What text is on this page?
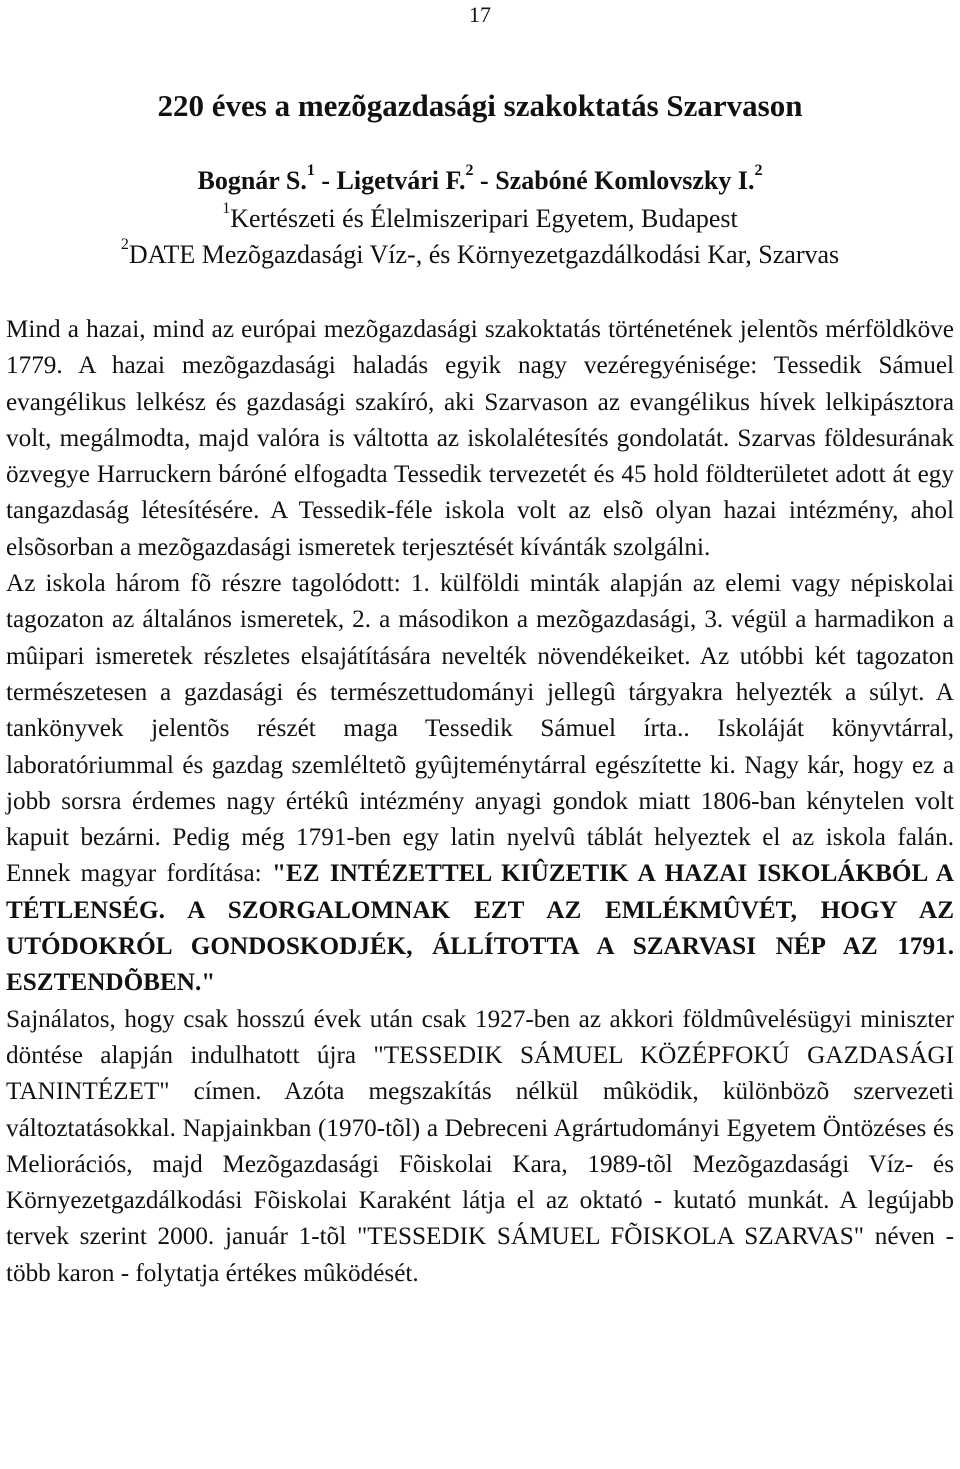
17
220 éves a mezõgazdasági szakoktatás Szarvason
Bognár S.$^1$ - Ligetvári F.$^2$ - Szabóné Komlovszky I.$^2$
$^1$Kertészeti és Élelmiszeripari Egyetem, Budapest
$^2$DATE Mezõgazdasági Víz-, és Környezetgazdálkodási Kar, Szarvas

Mind a hazai, mind az európai mezõgazdasági szakoktatás történetének jelentõs mérföldköve 1779. A hazai mezõgazdasági haladás egyik nagy vezéregyénisége: Tessedik Sámuel evangélikus lelkész és gazdasági szakíró, aki Szarvason az evangélikus hívek lelkipásztora volt, megálmodta, majd valóra is váltotta az iskolalétesítés gondolatát. Szarvas földesurának özvegye Harruckern báróné elfogadta Tessedik tervezetét és 45 hold földterületet adott át egy tangazdaság létesítésére. A Tessedik-féle iskola volt az elsõ olyan hazai intézmény, ahol elsõsorban a mezõgazdasági ismeretek terjesztését kívánták szolgálni.

Az iskola három fõ részre tagolódott: 1. külföldi minták alapján az elemi vagy népiskolai tagozaton az általános ismeretek, 2. a másodikon a mezõgazdasági, 3. végül a harmadikon a mûipari ismeretek részletes elsajátítására nevelték növendékeiket. Az utóbbi két tagozaton természetesen a gazdasági és természettudományi jellegû tárgyakra helyezték a súlyt. A tankönyvek jelentõs részét maga Tessedik Sámuel írta.. Iskoláját könyvtárral, laboratóriummal és gazdag szemléltetõ gyûjteménytárral egészítette ki. Nagy kár, hogy ez a jobb sorsra érdemes nagy értékû intézmény anyagi gondok miatt 1806-ban kénytelen volt kapuit bezárni. Pedig még 1791-ben egy latin nyelvû táblát helyeztek el az iskola falán. Ennek magyar fordítása: "EZ INTÉZETTEL KIÛZETIK A HAZAI ISKOLÁKBÓL A TÉTLENSÉG. A SZORGALOMNAK EZT AZ EMLÉKMÛVÉT, HOGY AZ UTÓDOKRÓL GONDOSKODJÉK, ÁLLÍTOTTA A SZARVASI NÉP AZ 1791. ESZTENDÕBEN."

Sajnálatos, hogy csak hosszú évek után csak 1927-ben az akkori földmûvelésügyi miniszter döntése alapján indulhatott újra "TESSEDIK SÁMUEL KÖZÉPFOKÚ GAZDASÁGI TANINTÉZET" címen. Azóta megszakítás nélkül mûködik, különbözõ szervezeti változtatásokkal. Napjainkban (1970-tõl) a Debreceni Agrártudományi Egyetem Öntözéses és Meliorációs, majd Mezõgazdasági Fõiskolai Kara, 1989-tõl Mezõgazdasági Víz- és Környezetgazdálkodási Fõiskolai Karaként látja el az oktató - kutató munkát. A legújabb tervek szerint 2000. január 1-tõl "TESSEDIK SÁMUEL FÕISKOLA SZARVAS" néven - több karon - folytatja értékes mûködését.
